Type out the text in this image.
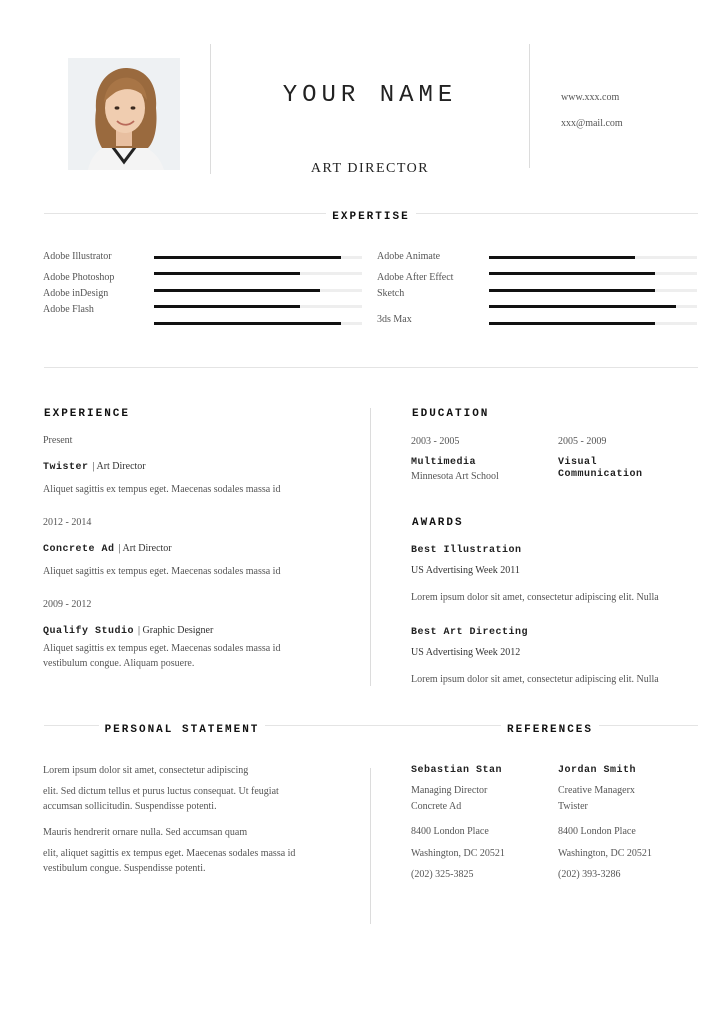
YOUR NAME
ART DIRECTOR
www.xxx.com
xxx@mail.com
EXPERTISE
Adobe Illustrator
Adobe Photoshop
Adobe inDesign
Adobe Flash
Adobe Animate
Adobe After Effect
Sketch
3ds Max
EXPERIENCE
Present
Twister | Art Director
Aliquet sagittis ex tempus eget. Maecenas sodales massa id
2012 - 2014
Concrete Ad | Art Director
Aliquet sagittis ex tempus eget. Maecenas sodales massa id
2009 - 2012
Qualify Studio | Graphic Designer
Aliquet sagittis ex tempus eget. Maecenas sodales massa id
vestibulum congue. Aliquam posuere.
EDUCATION
2003 - 2005
Multimedia
Minnesota Art School
2005 - 2009
Visual
Communication
AWARDS
Best Illustration
US Advertising Week 2011
Lorem ipsum dolor sit amet, consectetur adipiscing elit. Nulla
Best Art Directing
US Advertising Week 2012
Lorem ipsum dolor sit amet, consectetur adipiscing elit. Nulla
PERSONAL STATEMENT
Lorem ipsum dolor sit amet, consectetur adipiscing
elit. Sed dictum tellus et purus luctus consequat. Ut feugiat
accumsan sollicitudin. Suspendisse potenti.
Mauris hendrerit ornare nulla. Sed accumsan quam
elit, aliquet sagittis ex tempus eget. Maecenas sodales massa id
vestibulum congue. Suspendisse potenti.
REFERENCES
Sebastian Stan
Managing Director
Concrete Ad
8400 London Place
Washington, DC 20521
(202) 325-3825
Jordan Smith
Creative Managerx
Twister
8400 London Place
Washington, DC 20521
(202) 393-3286
